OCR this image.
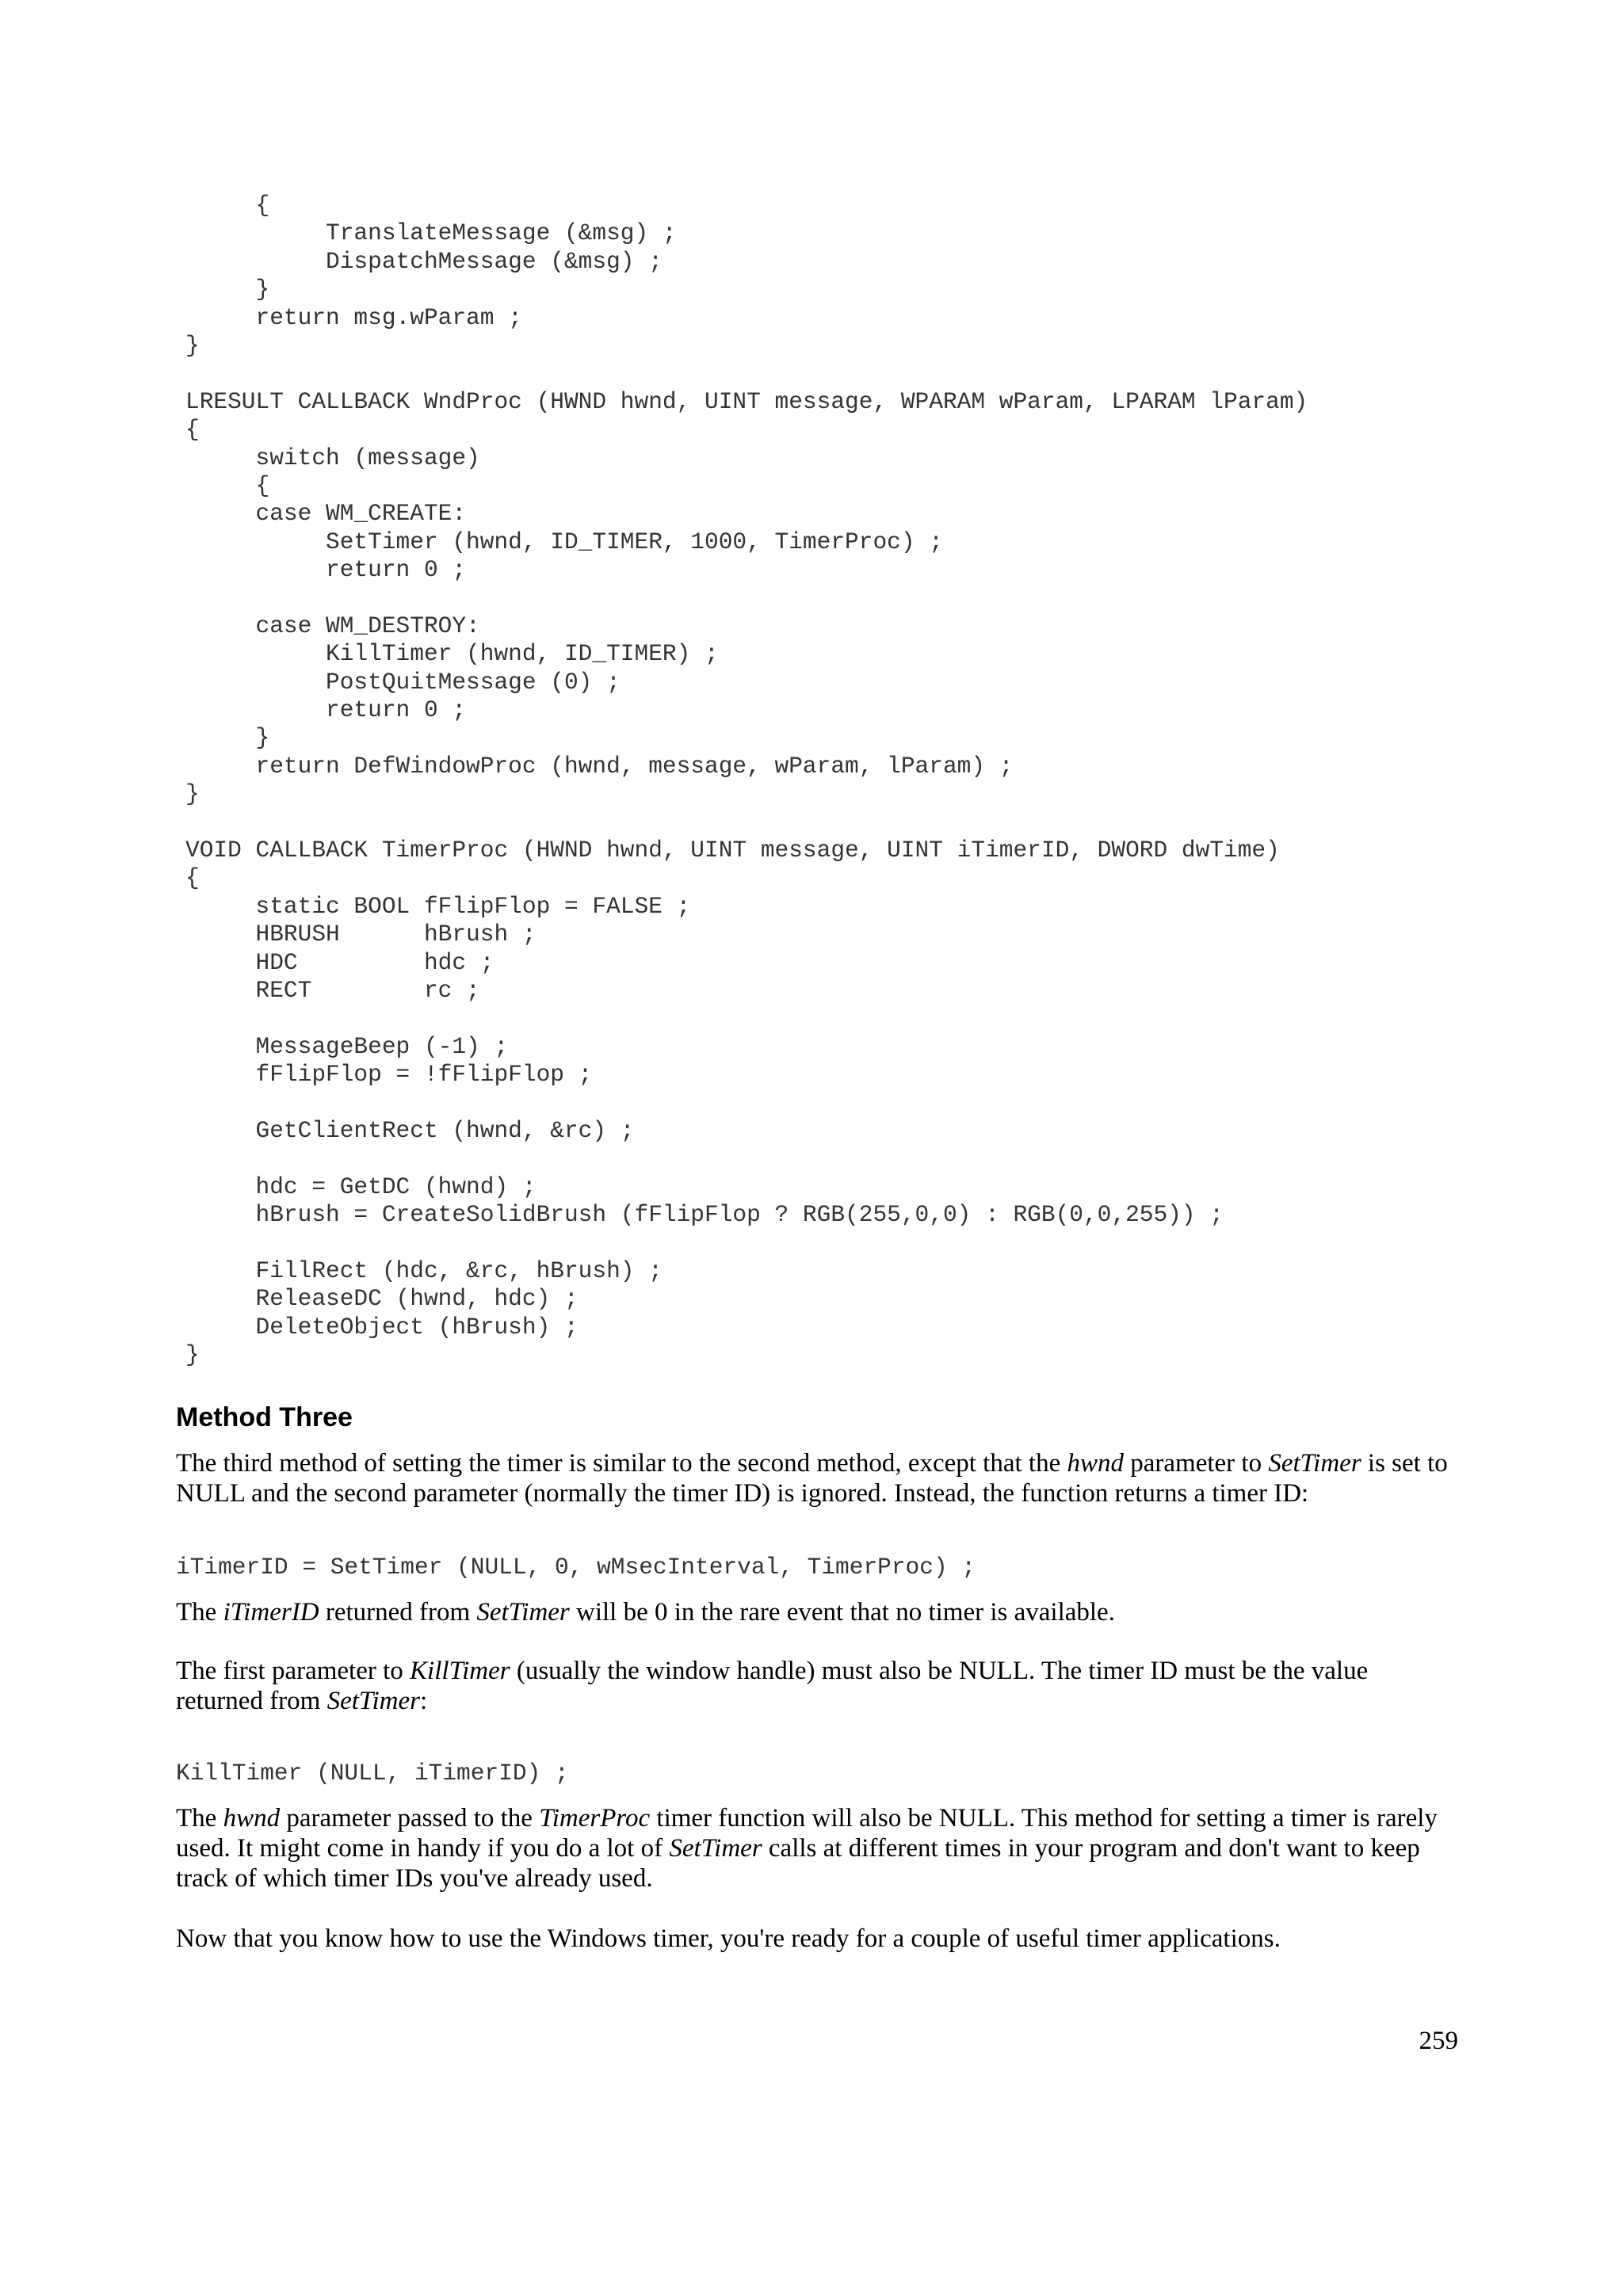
{
TranslateMessage (&msg) ;
DispatchMessage (&msg) ;
}
return msg.wParam ;
}
LRESULT CALLBACK WndProc (HWND hwnd, UINT message, WPARAM wParam, LPARAM lParam)
{
switch (message)
{
case WM_CREATE:
SetTimer (hwnd, ID_TIMER, 1000, TimerProc) ;
return 0 ;
case WM_DESTROY:
KillTimer (hwnd, ID_TIMER) ;
PostQuitMessage (0) ;
return 0 ;
}
return DefWindowProc (hwnd, message, wParam, lParam) ;
}
VOID CALLBACK TimerProc (HWND hwnd, UINT message, UINT iTimerID, DWORD dwTime)
{
static BOOL fFlipFlop = FALSE ;
HBRUSH      hBrush ;
HDC         hdc ;
RECT        rc ;
MessageBeep (-1) ;
fFlipFlop = !fFlipFlop ;
GetClientRect (hwnd, &rc) ;
hdc = GetDC (hwnd) ;
hBrush = CreateSolidBrush (fFlipFlop ? RGB(255,0,0) : RGB(0,0,255)) ;
FillRect (hdc, &rc, hBrush) ;
ReleaseDC (hwnd, hdc) ;
DeleteObject (hBrush) ;
}
Method Three

The third method of setting the timer is similar to the second method, except that the hwnd parameter to SetTimer is set to NULL and the second parameter (normally the timer ID) is ignored. Instead, the function returns a timer ID:

iTimerID = SetTimer (NULL, 0, wMsecInterval, TimerProc) ;

The iTimerID returned from SetTimer will be 0 in the rare event that no timer is available.

The first parameter to KillTimer (usually the window handle) must also be NULL. The timer ID must be the value returned from SetTimer:

KillTimer (NULL, iTimerID) ;

The hwnd parameter passed to the TimerProc timer function will also be NULL. This method for setting a timer is rarely used. It might come in handy if you do a lot of SetTimer calls at different times in your program and don't want to keep track of which timer IDs you've already used.

Now that you know how to use the Windows timer, you're ready for a couple of useful timer applications.

259
